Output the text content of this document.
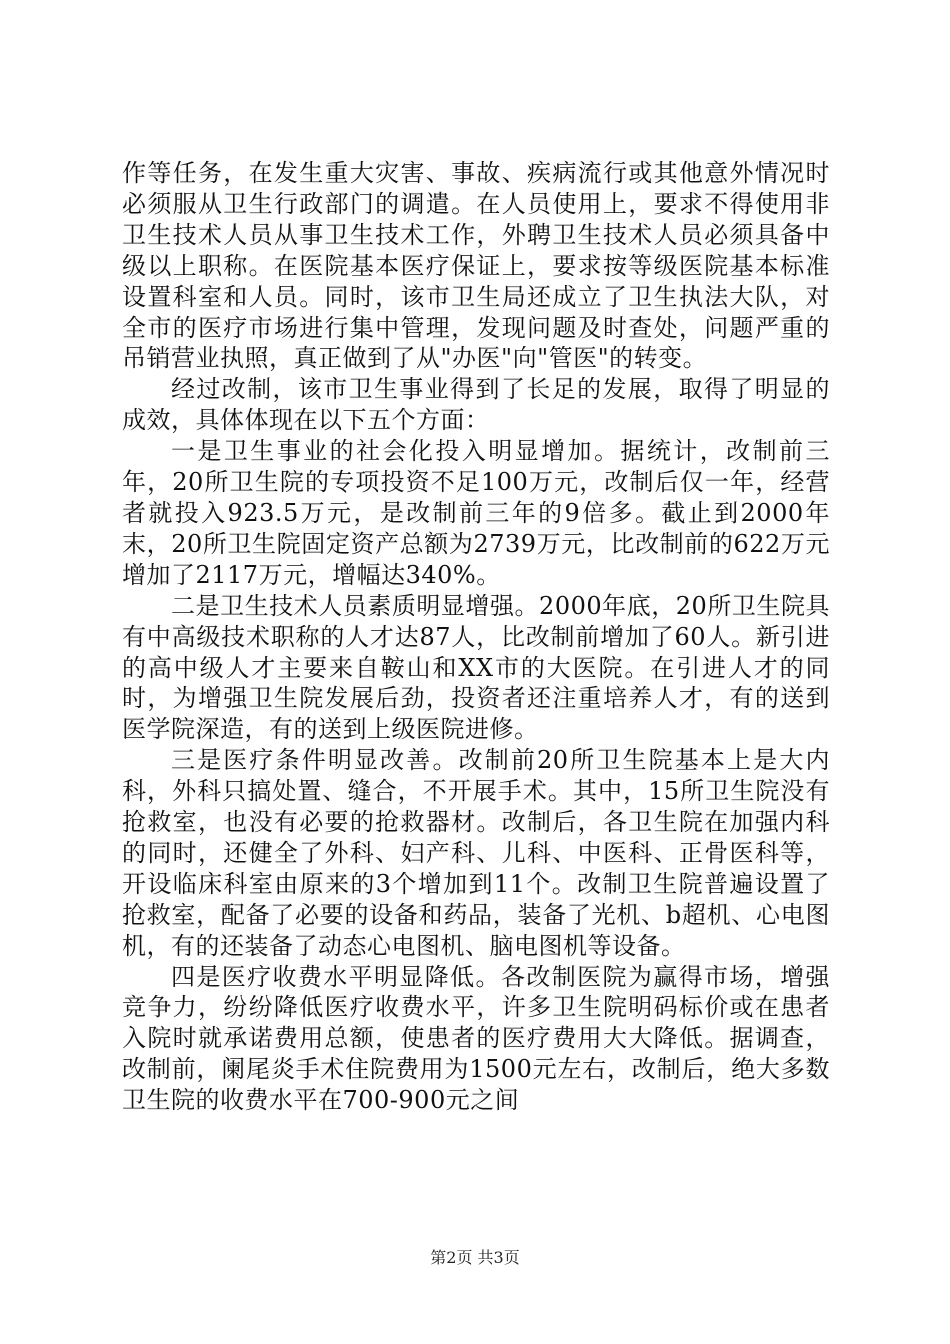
作等任务，在发生重大灾害、事故、疾病流行或其他意外情况时必须服从卫生行政部门的调遣。在人员使用上，要求不得使用非卫生技术人员从事卫生技术工作，外聘卫生技术人员必须具备中级以上职称。在医院基本医疗保证上，要求按等级医院基本标准设置科室和人员。同时，该市卫生局还成立了卫生执法大队，对全市的医疗市场进行集中管理，发现问题及时查处，问题严重的吊销营业执照，真正做到了从"办医"向"管医"的转变。

经过改制，该市卫生事业得到了长足的发展，取得了明显的成效，具体体现在以下五个方面：

一是卫生事业的社会化投入明显增加。据统计，改制前三年，20所卫生院的专项投资不足100万元，改制后仅一年，经营者就投入923.5万元，是改制前三年的9倍多。截止到2000年末，20所卫生院固定资产总额为2739万元，比改制前的622万元增加了2117万元，增幅达340%。

二是卫生技术人员素质明显增强。2000年底，20所卫生院具有中高级技术职称的人才达87人，比改制前增加了60人。新引进的高中级人才主要来自鞍山和XX市的大医院。在引进人才的同时，为增强卫生院发展后劲，投资者还注重培养人才，有的送到医学院深造，有的送到上级医院进修。

三是医疗条件明显改善。改制前20所卫生院基本上是大内科，外科只搞处置、缝合，不开展手术。其中，15所卫生院没有抢救室，也没有必要的抢救器材。改制后，各卫生院在加强内科的同时，还健全了外科、妇产科、儿科、中医科、正骨医科等，开设临床科室由原来的3个增加到11个。改制卫生院普遍设置了抢救室，配备了必要的设备和药品，装备了光机、b超机、心电图机，有的还装备了动态心电图机、脑电图机等设备。

四是医疗收费水平明显降低。各改制医院为赢得市场，增强竞争力，纷纷降低医疗收费水平，许多卫生院明码标价或在患者入院时就承诺费用总额，使患者的医疗费用大大降低。据调查，改制前，阑尾炎手术住院费用为1500元左右，改制后，绝大多数卫生院的收费水平在700-900元之间

第2页 共3页
